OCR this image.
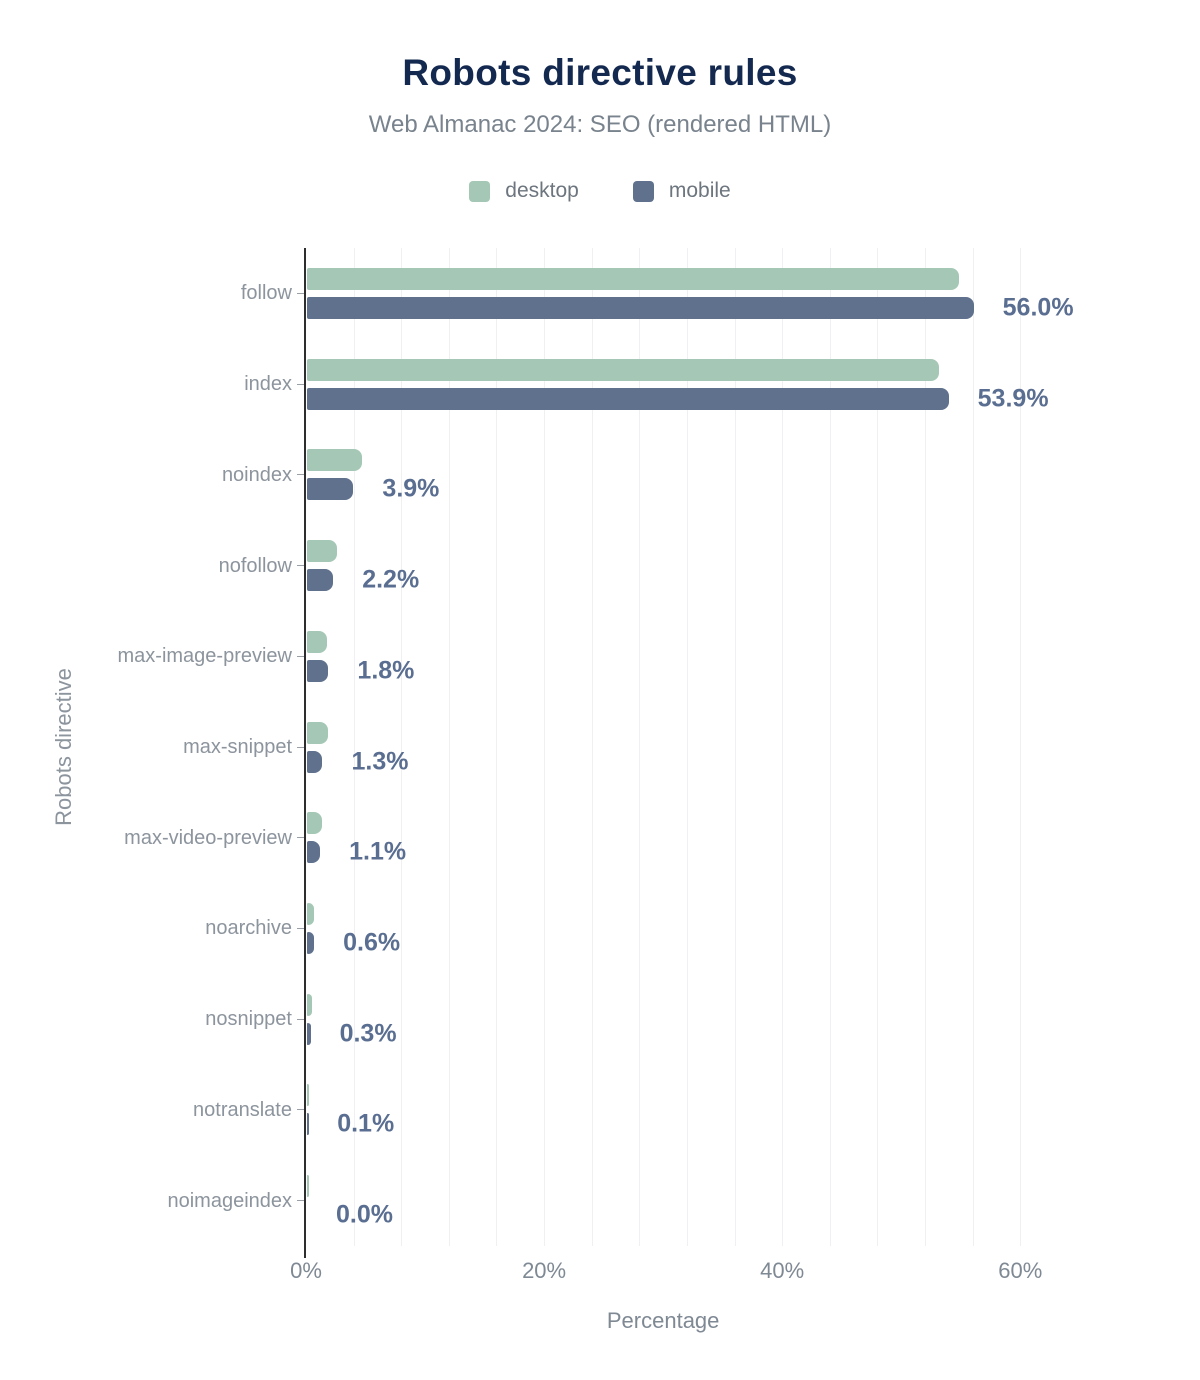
Robots directive rules
Web Almanac 2024: SEO (rendered HTML)
desktop	mobile
Percentage
0%	20%	40%	60%
follow	56.0%
index	53.9%
noindex	3.9%
nofollow	2.2%
max-image-preview	1.8%
max-snippet 1.3%
max-video-preview 1.1%
noarchive 0.6%
nosnippet 0.3%
notranslate 0.1%
noimageindex 0.0%
Robots directive
